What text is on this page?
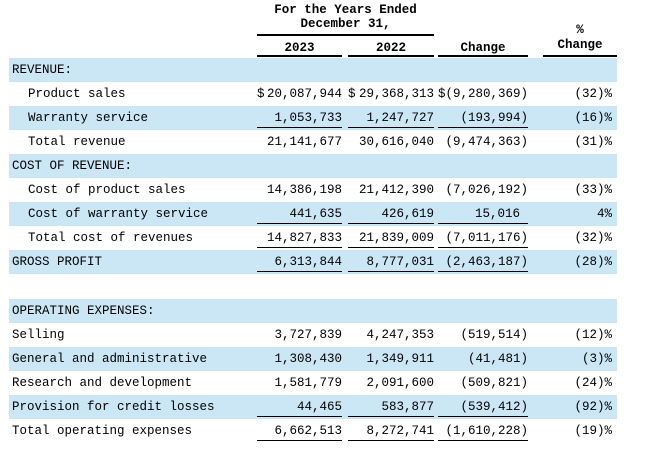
For the Years Ended
December 31,
2023	2022	Change
%
Change
REVENUE:
Product sales	$ 20,087,944 $ 29,368,313 $ (9,280,369)	(32)%
Warranty service	1,053,733 1,247,727 (193,994)	(16)%
Total revenue	21,141,677 30,616,040 (9,474,363)	(31)%
COST OF REVENUE:
Cost of product sales	14,386,198 21,412,390 (7,026,192)	(33)%
Cost of warranty service	441,635	426,619	15,016	4%
Total cost of revenues	14,827,833 21,839,009 (7,011,176)	(32)%
GROSS PROFIT	6,313,844 8,777,031 (2,463,187)	(28)%
OPERATING EXPENSES:
Selling	3,727,839 4,247,353 (519,514)	(12)%
General and administrative	1,308,430 1,349,911	(41,481)	(3)%
Research and development	1,581,779 2,091,600 (509,821)	(24)%
Provision for credit losses	44,465	583,877 (539,412)	(92)%
Total operating expenses	6,662,513 8,272,741 (1,610,228)	(19)%
